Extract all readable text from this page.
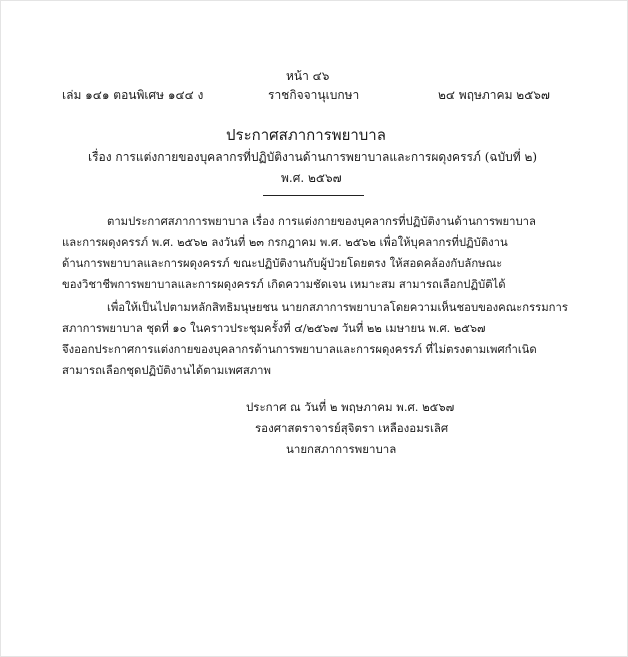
หน้า ๔๖
เล่ม ๑๔๑ ตอนพิเศษ ๑๔๔ ง	ราชกิจจานุเบกษา	๒๔ พฤษภาคม ๒๕๖๗
ประกาศสภาการพยาบาล
เรื่อง การแต่งกายของบุคลากรที่ปฏิบัติงานด้านการพยาบาลและการผดุงครรภ์ (ฉบับที่ ๒)
พ.ศ. ๒๕๖๗
ตามประกาศสภาการพยาบาล เรื่อง การแต่งกายของบุคลากรที่ปฏิบัติงานด้านการพยาบาล
และการผดุงครรภ์ พ.ศ. ๒๕๖๒ ลงวันที่ ๒๓ กรกฎาคม พ.ศ. ๒๕๖๒ เพื่อให้บุคลากรที่ปฏิบัติงาน
ด้านการพยาบาลและการผดุงครรภ์ ขณะปฏิบัติงานกับผู้ป่วยโดยตรง ให้สอดคล้องกับลักษณะ
ของวิชาชีพการพยาบาลและการผดุงครรภ์ เกิดความชัดเจน เหมาะสม สามารถเลือกปฏิบัติได้
เพื่อให้เป็นไปตามหลักสิทธิมนุษยชน นายกสภาการพยาบาลโดยความเห็นชอบของคณะกรรมการ
สภาการพยาบาล ชุดที่ ๑๐ ในคราวประชุมครั้งที่ ๔/๒๕๖๗ วันที่ ๒๒ เมษายน พ.ศ. ๒๕๖๗
จึงออกประกาศการแต่งกายของบุคลากรด้านการพยาบาลและการผดุงครรภ์ ที่ไม่ตรงตามเพศกำเนิด
สามารถเลือกชุดปฏิบัติงานได้ตามเพศสภาพ
ประกาศ ณ วันที่ ๒ พฤษภาคม พ.ศ. ๒๕๖๗
รองศาสตราจารย์สุจิตรา เหลืองอมรเลิศ
นายกสภาการพยาบาล
